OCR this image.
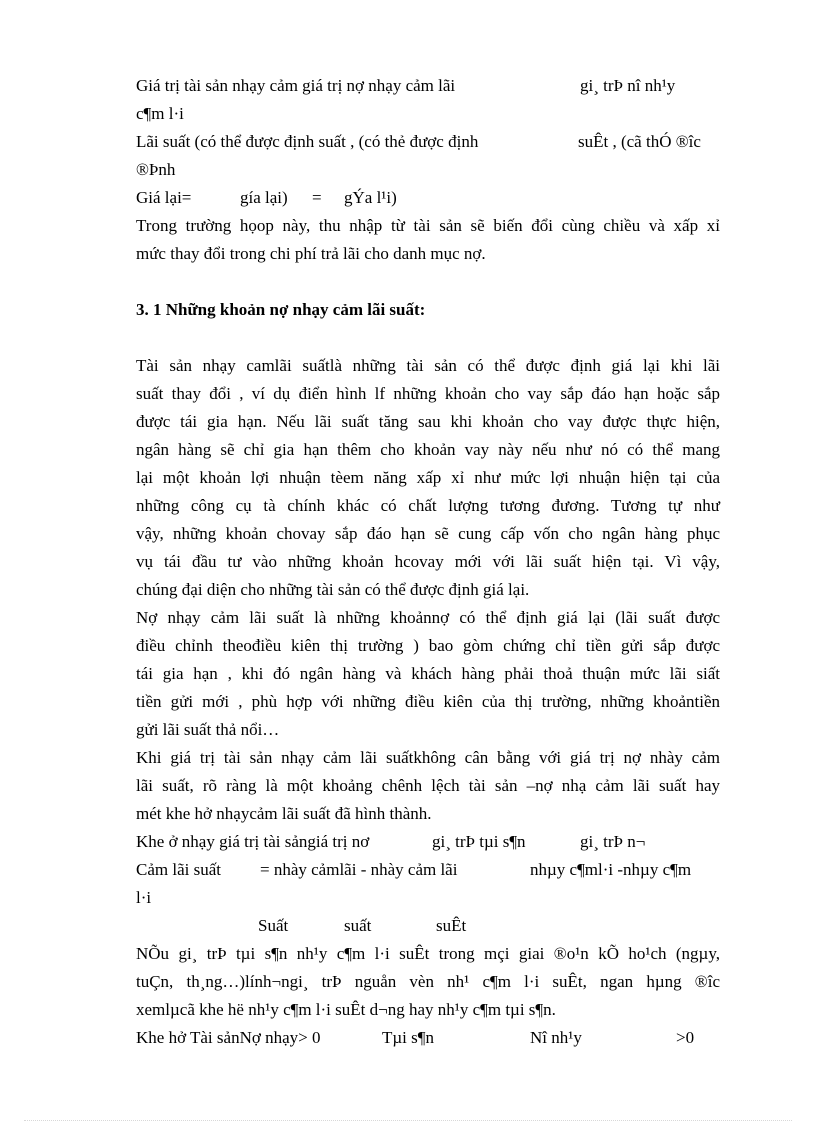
Giá trị tài sản nhạy cảm giá trị nợ nhạy cảm lãi	gi¸ trÞ nî nh¹y
c¶m l·i
Lãi suất (có thể được định suất , (có thẻ được định	suÊt , (cã thÓ ®îc
®Þnh
Giá lại=	gía lại) = gÝa l¹i)
Trong trường họop này, thu nhập từ tài sản sẽ biến đổi cùng chiều và xấp xỉ
mức thay đổi trong chi phí trả lãi cho danh mục nợ.
3. 1 Những khoản nợ nhạy cảm lãi suất:
Tài sản nhạy camlãi suấtlà những tài sản có thể được định giá lại khi lãi
suất thay đổi , ví dụ điển hình lf những khoản cho vay sắp đáo hạn hoặc sắp
được tái gia hạn. Nếu lãi suất tăng sau khi khoản cho vay được thực hiện,
ngân hàng sẽ chỉ gia hạn thêm cho khoản vay này nếu như nó có thể mang
lại một khoản lợi nhuận tèem năng xấp xỉ như mức lợi nhuận hiện tại của
những công cụ tà chính khác có chất lượng tương đương. Tương tự như
vậy, những khoản chovay sắp đáo hạn sẽ cung cấp vốn cho ngân hàng phục
vụ tái đầu tư vào những khoản hcovay mới với lãi suất hiện tại. Vì vậy,
chúng đại diện cho những tài sản có thể được định giá lại.
Nợ nhạy cảm lãi suất là những khoảnnợ có thể định giá lại (lãi suất được
điều chỉnh theođiều kiên thị trường ) bao gòm chứng chỉ tiền gửi sắp được
tái gia hạn , khi đó ngân hàng và khách hàng phải thoả thuận mức lãi siất
tiền gửi mới , phù hợp với những điều kiên của thị trường, những khoảntiền
gửi lãi suất thả nổi…
Khi giá trị tài sản nhạy cảm lãi suấtkhông cân bằng với giá trị nợ nhày cảm
lãi suất, rõ ràng là một khoảng chênh lệch tài sản –nợ nhạ cảm lãi suất hay
mét khe hở nhạycảm lãi suất đã hình thành.
Khe ở nhạy giá trị tài sảngiá trị nơ	gi¸ trÞ tµi s¶n	gi¸ trÞ n¬
Cảm lãi suất = nhày cảmlãi - nhày cảm lãi	nhµy c¶ml·i -nhµy c¶m
l·i
Suất	suất	suÊt
NÕu gi¸ trÞ tµi s¶n nh¹y c¶m l·i suÊt trong mçi giai ®o¹n kÕ ho¹ch (ngµy,
tuÇn, th¸ng…)lính¬ngi¸ trÞ nguån vèn nh¹ c¶m l·i suÊt, ngan hµng ®îc
xemlµcã khe hë nh¹y c¶m l·i suÊt d¬ng hay nh¹y c¶m tµi s¶n.
Khe hở Tài sảnNợ nhạy> 0	Tµi s¶n	Nî nh¹y	>0
